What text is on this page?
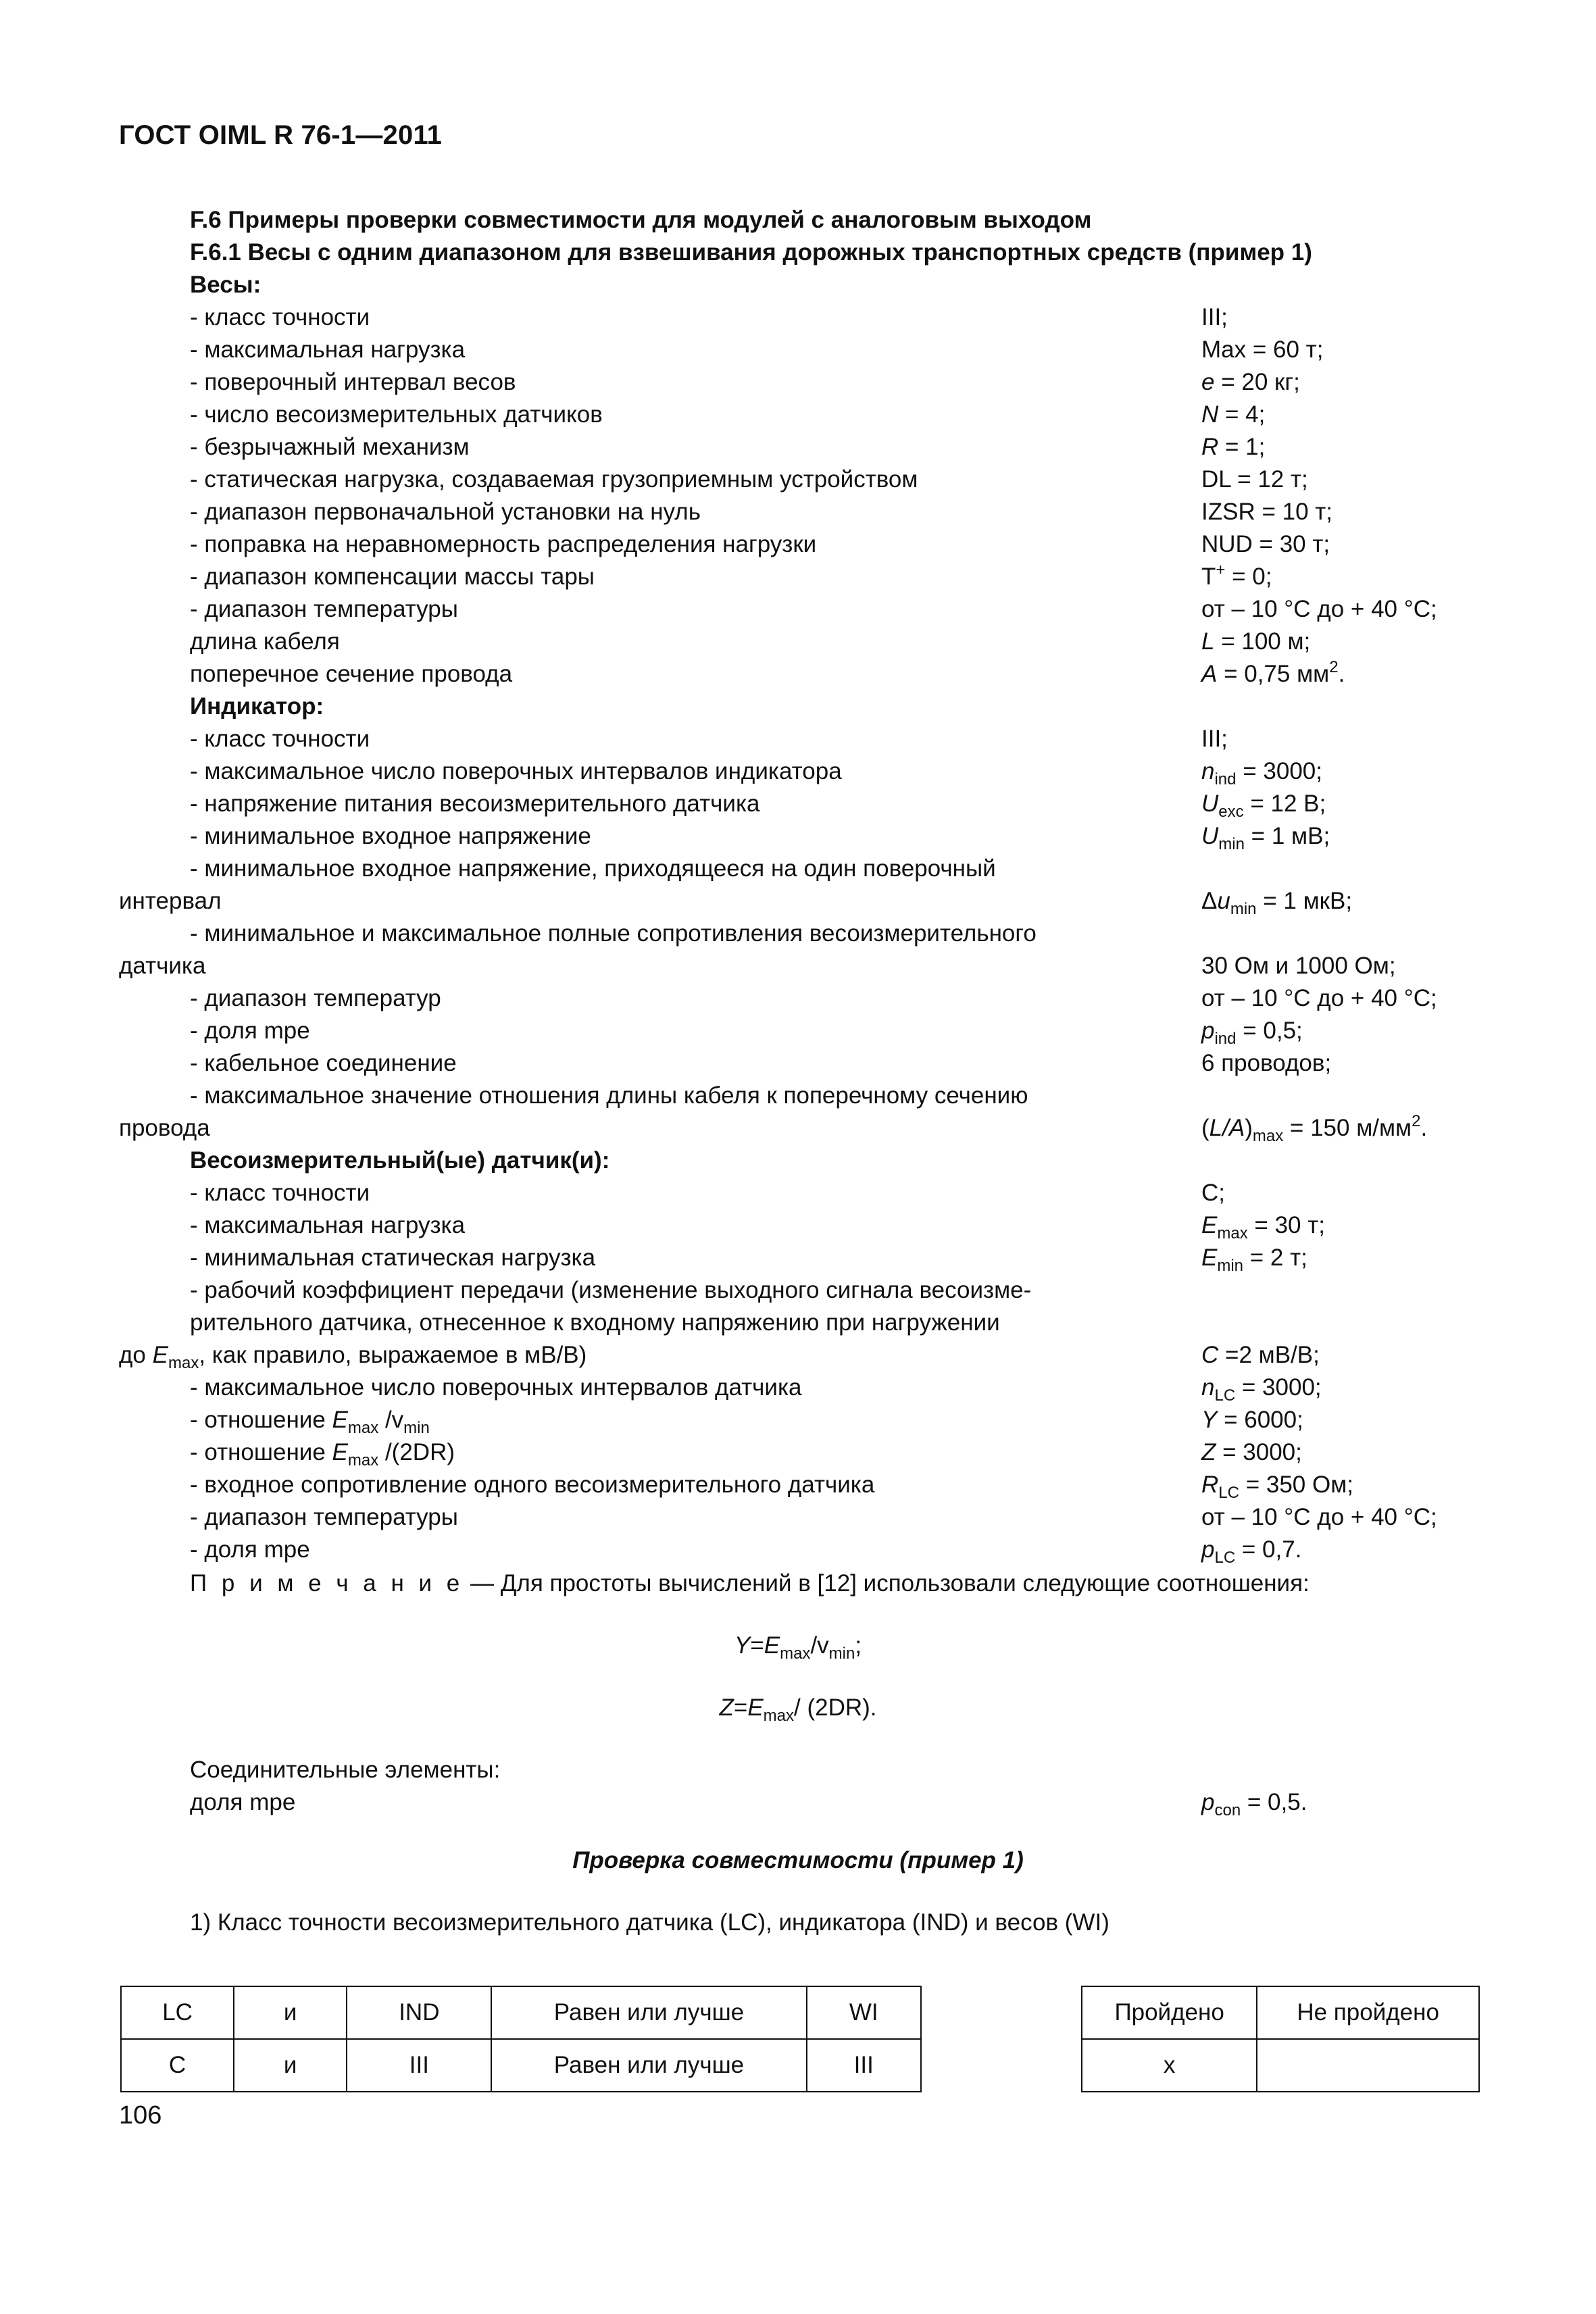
ГОСТ OIML R 76-1—2011
F.6 Примеры проверки совместимости для модулей с аналоговым выходом
F.6.1 Весы с одним диапазоном для взвешивания дорожных транспортных средств (пример 1)
Весы:
- класс точности	III;
- максимальная нагрузка	Max = 60 т;
- поверочный интервал весов	e = 20 кг;
- число весоизмерительных датчиков	N = 4;
- безрычажный механизм	R = 1;
- статическая нагрузка, создаваемая грузоприемным устройством	DL = 12 т;
- диапазон первоначальной установки на нуль	IZSR = 10 т;
- поправка на неравномерность распределения нагрузки	NUD = 30 т;
- диапазон компенсации массы тары	T+ = 0;
- диапазон температуры	от – 10 °C до + 40 °C;
длина кабеля	L = 100 м;
поперечное сечение провода	A = 0,75 $мм^2$.
Индикатор:
- класс точности	III;
- максимальное число поверочных интервалов индикатора	$n_{ind} = 3000$;
- напряжение питания весоизмерительного датчика	$U_{exc} = 12$ В;
- минимальное входное напряжение	$U_{min} = 1$ мВ;
- минимальное входное напряжение, приходящееся на один поверочный
интервал	$\Delta u_{min} = 1$ мкВ;
- минимальное и максимальное полные сопротивления весоизмерительного
датчика	30 Ом и 1000 Ом;
- диапазон температур	от – 10 °C до + 40 °C;
- доля mpe	$p_{ind} = 0,5$;
- кабельное соединение	6 проводов;
- максимальное значение отношения длины кабеля к поперечному сечению
провода	$(L/A)_{max} = 150$ $м/мм^2$.
Весоизмерительный(ые) датчик(и):
- класс точности	C;
- максимальная нагрузка	$E_{max} = 30$ т;
- минимальная статическая нагрузка	$E_{min} = 2$ т;
- рабочий коэффициент передачи (изменение выходного сигнала весоизме-
рительного датчика, отнесенное к входному напряжению при нагружении
до $E_{max}$, как правило, выражаемое в мВ/В)	C =2 мВ/В;
- максимальное число поверочных интервалов датчика	$n_{LC} = 3000$;
- отношение $E_{max}$ $/v_{min}$	Y = 6000;
- отношение $E_{max}$ /(2DR)	Z = 3000;
- входное сопротивление одного весоизмерительного датчика	$R_{LC} = 350$ Ом;
- диапазон температуры	от – 10 °C до + 40 °C;
- доля mpe	$p_{LC} = 0,7$.
П р и м е ч а н и е — Для простоты вычислений в [12] использовали следующие соотношения:
$Y=E_{max}/v_{min}$;
$Z=E_{max}/$ (2DR).
Соединительные элементы:
доля mpe	$p_{con} = 0,5$.
Проверка совместимости (пример 1)
1) Класс точности весоизмерительного датчика (LC), индикатора (IND) и весов (WI)
LC	и	IND	Равен или лучше	WI
C	и	III	Равен или лучше	III
Пройдено	Не пройдено
x	
106
